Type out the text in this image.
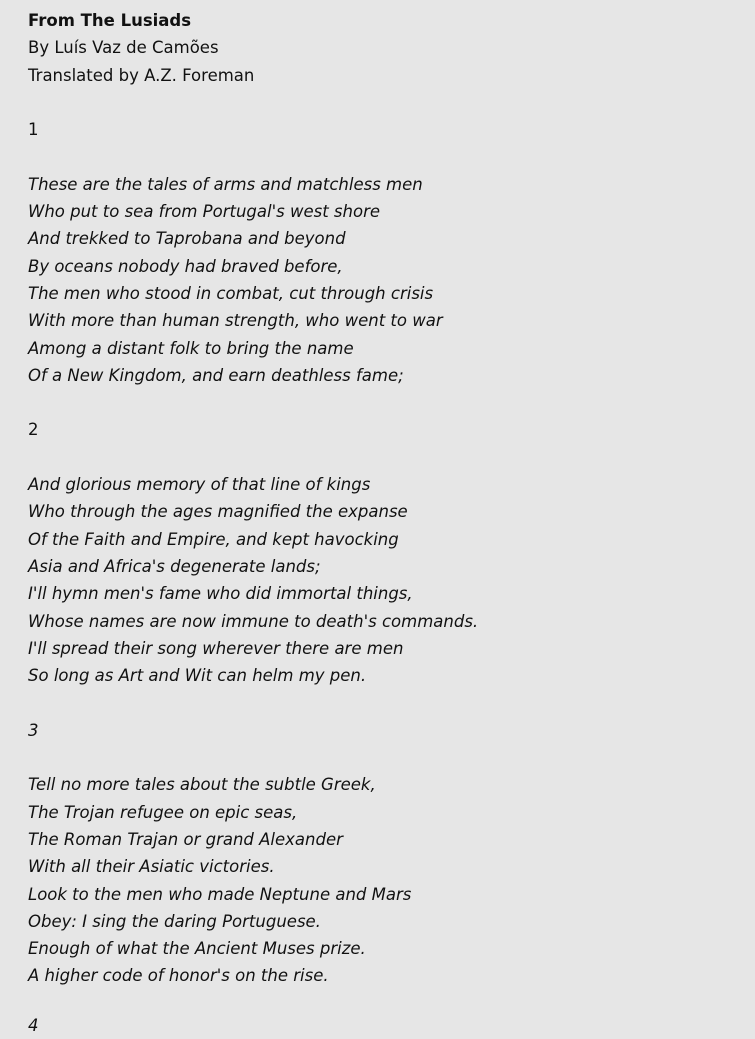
From The Lusiads
By Luís Vaz de Camões
Translated by A.Z. Foreman
1
These are the tales of arms and matchless men
Who put to sea from Portugal's west shore
And trekked to Taprobana and beyond
By oceans nobody had braved before,
The men who stood in combat, cut through crisis
With more than human strength, who went to war
Among a distant folk to bring the name
Of a New Kingdom, and earn deathless fame;
2
And glorious memory of that line of kings
Who through the ages magnified the expanse
Of the Faith and Empire, and kept havocking
Asia and Africa's degenerate lands;
I'll hymn men's fame who did immortal things,
Whose names are now immune to death's commands.
I'll spread their song wherever there are men
So long as Art and Wit can helm my pen.
3
Tell no more tales about the subtle Greek,
The Trojan refugee on epic seas,
The Roman Trajan or grand Alexander
With all their Asiatic victories.
Look to the men who made Neptune and Mars
Obey: I sing the daring Portuguese.
Enough of what the Ancient Muses prize.
A higher code of honor's on the rise.
4
